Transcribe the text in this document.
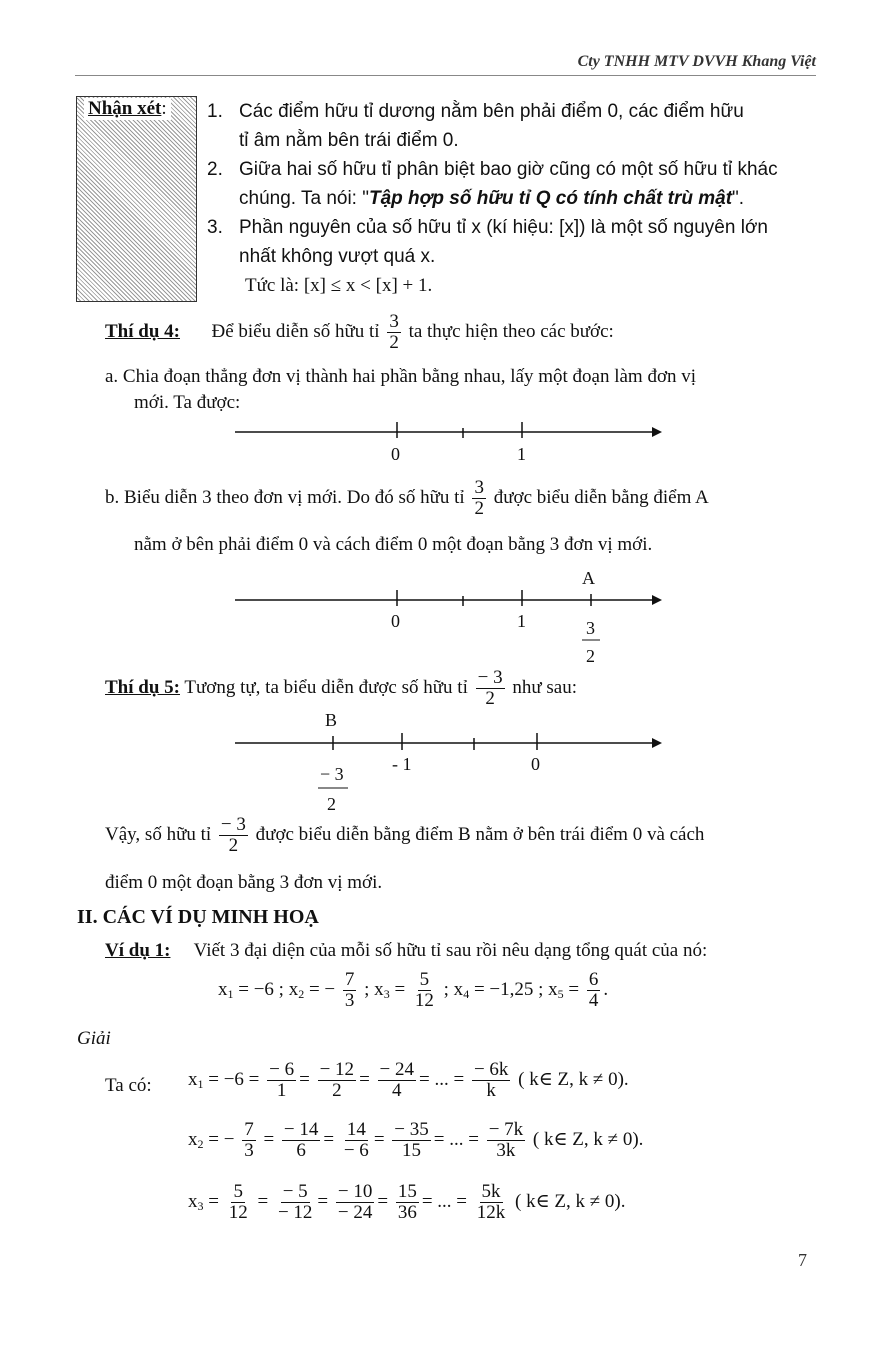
Cty TNHH MTV DVVH Khang Việt
Nhận xét: 1. Các điểm hữu tỉ dương nằm bên phải điểm 0, các điểm hữu
tỉ âm nằm bên trái điểm 0.
2. Giữa hai số hữu tỉ phân biệt bao giờ cũng có một số hữu tỉ khác
chúng. Ta nói: "Tập hợp số hữu tỉ Q có tính chất trù mật".
3. Phần nguyên của số hữu tỉ x (kí hiệu: [x]) là một số nguyên lớn
nhất không vượt quá x.
Tức là: [x] ≤ x < [x] + 1.
Thí dụ 4: Để biểu diễn số hữu tỉ $\frac{3}{2}$ ta thực hiện theo các bước:
a. Chia đoạn thẳng đơn vị thành hai phần bằng nhau, lấy một đoạn làm đơn vị
mới. Ta được:
0	1
b. Biểu diễn 3 theo đơn vị mới. Do đó số hữu tỉ $\frac{3}{2}$ được biểu diễn bằng điểm A
nằm ở bên phải điểm 0 và cách điểm 0 một đoạn bằng 3 đơn vị mới.
A
0	1	3
2
Thí dụ 5: Tương tự, ta biểu diễn được số hữu tỉ $\frac{- 3}{2}$ như sau:
B
− 3
2
- 1	0
Vậy, số hữu tỉ $\frac{- 3}{2}$ được biểu diễn bằng điểm B nằm ở bên trái điểm 0 và cách
điểm 0 một đoạn bằng 3 đơn vị mới.
II. CÁC VÍ DỤ MINH HOẠ
Ví dụ 1: Viết 3 đại diện của mỗi số hữu tỉ sau rồi nêu dạng tổng quát của nó:
$x_1 = -6$ ; $x_2$ = − $\frac{7}{3}$ ; $x_3 = \frac{5}{12}$ ; $x_4 = -1,25$ ; $x_5 = \frac{6}{4}$ .
Giải
Ta có: $x_1 = -6 = \frac{- 6}{1} = \frac{- 12}{2} = \frac{- 24}{4}$ = ... = $\frac{- 6k}{k}$ ( k∈ Z, k ≠ 0).
$x_2$ = − $\frac{7}{3} = \frac{- 14}{6} = \frac{14}{- 6} = \frac{- 35}{15}$ = ... = $\frac{- 7k}{3k}$ ( k∈ Z, k ≠ 0).
$x_3 = \frac{5}{12} = \frac{- 5}{- 12} = \frac{- 10}{- 24} = \frac{15}{36}$ = ... = $\frac{5k}{12k}$ ( k∈ Z, k ≠ 0).
7
